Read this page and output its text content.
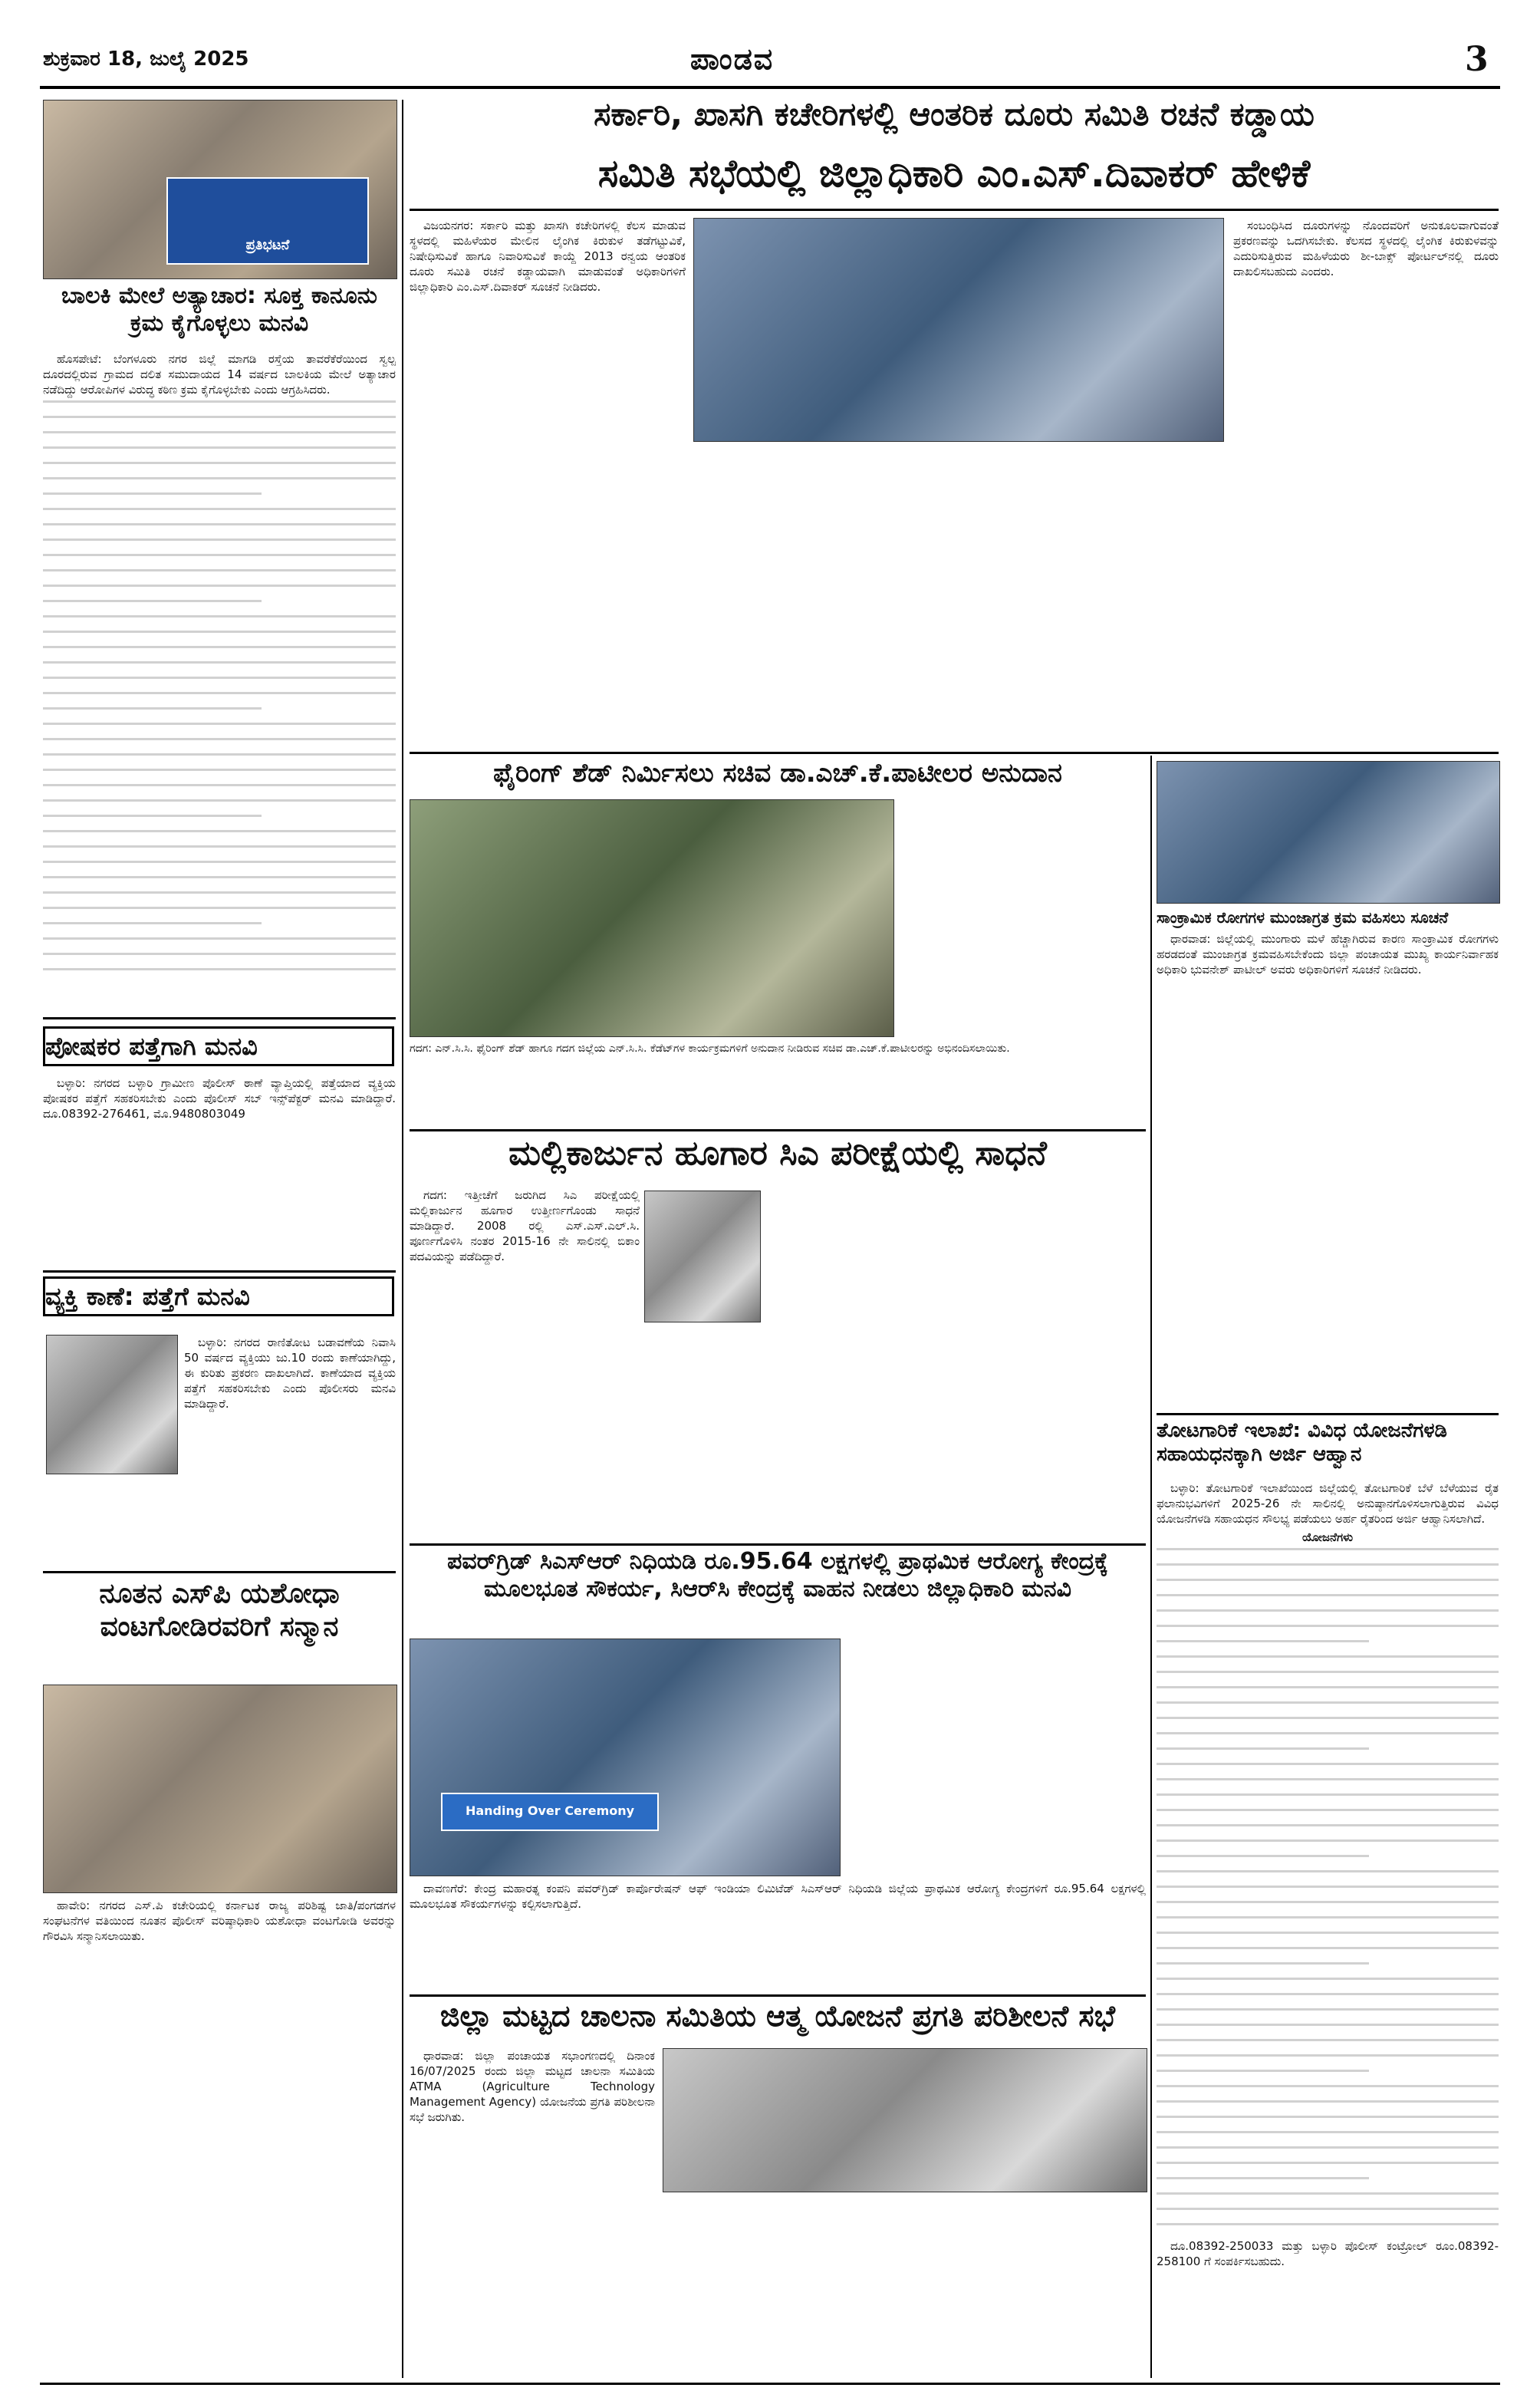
ಶುಕ್ರವಾರ 18, ಜುಲೈ 2025	ಪಾಂಡವ	3
ಪ್ರತಿಭಟನೆ
ಬಾಲಕಿ ಮೇಲೆ ಅತ್ಯಾಚಾರ: ಸೂಕ್ತ ಕಾನೂನು ಕ್ರಮ ಕೈಗೊಳ್ಳಲು ಮನವಿ

ಹೊಸಪೇಟೆ: ಬೆಂಗಳೂರು ನಗರ ಜಿಲ್ಲೆ ಮಾಗಡಿ ರಸ್ತೆಯ ತಾವರೆಕೆರೆಯಿಂದ ಸ್ವಲ್ಪ ದೂರದಲ್ಲಿರುವ ಗ್ರಾಮದ ದಲಿತ ಸಮುದಾಯದ 14 ವರ್ಷದ ಬಾಲಕಿಯ ಮೇಲೆ ಅತ್ಯಾಚಾರ ನಡೆದಿದ್ದು ಆರೋಪಿಗಳ ವಿರುದ್ಧ ಕಠಿಣ ಕ್ರಮ ಕೈಗೊಳ್ಳಬೇಕು ಎಂದು ಆಗ್ರಹಿಸಿದರು.

ಪೋಷಕರ ಪತ್ತೆಗಾಗಿ ಮನವಿ

ಬಳ್ಳಾರಿ: ನಗರದ ಬಳ್ಳಾರಿ ಗ್ರಾಮೀಣ ಪೊಲೀಸ್ ಠಾಣೆ ವ್ಯಾಪ್ತಿಯಲ್ಲಿ ಪತ್ತೆಯಾದ ವ್ಯಕ್ತಿಯ ಪೋಷಕರ ಪತ್ತೆಗೆ ಸಹಕರಿಸಬೇಕು ಎಂದು ಪೊಲೀಸ್ ಸಬ್ ಇನ್ಸ್‌ಪೆಕ್ಟರ್ ಮನವಿ ಮಾಡಿದ್ದಾರೆ. ದೂ.08392-276461, ಮೊ.9480803049

ವ್ಯಕ್ತಿ ಕಾಣೆ: ಪತ್ತೆಗೆ ಮನವಿ

ಬಳ್ಳಾರಿ: ನಗರದ ರಾಣಿತೋಟ ಬಡಾವಣೆಯ ನಿವಾಸಿ 50 ವರ್ಷದ ವ್ಯಕ್ತಿಯು ಜು.10 ರಂದು ಕಾಣೆಯಾಗಿದ್ದು, ಈ ಕುರಿತು ಪ್ರಕರಣ ದಾಖಲಾಗಿದೆ. ಕಾಣೆಯಾದ ವ್ಯಕ್ತಿಯ ಪತ್ತೆಗೆ ಸಹಕರಿಸಬೇಕು ಎಂದು ಪೊಲೀಸರು ಮನವಿ ಮಾಡಿದ್ದಾರೆ.

ನೂತನ ಎಸ್‌ಪಿ ಯಶೋಧಾ ವಂಟಗೋಡಿರವರಿಗೆ ಸನ್ಮಾನ

ಹಾವೇರಿ: ನಗರದ ಎಸ್.ಪಿ ಕಚೇರಿಯಲ್ಲಿ ಕರ್ನಾಟಕ ರಾಜ್ಯ ಪರಿಶಿಷ್ಟ ಜಾತಿ/ಪಂಗಡಗಳ ಸಂಘಟನೆಗಳ ವತಿಯಿಂದ ನೂತನ ಪೊಲೀಸ್ ವರಿಷ್ಠಾಧಿಕಾರಿ ಯಶೋಧಾ ವಂಟಗೋಡಿ ಅವರನ್ನು ಗೌರವಿಸಿ ಸನ್ಮಾನಿಸಲಾಯಿತು.

ಸರ್ಕಾರಿ, ಖಾಸಗಿ ಕಚೇರಿಗಳಲ್ಲಿ ಆಂತರಿಕ ದೂರು ಸಮಿತಿ ರಚನೆ ಕಡ್ಡಾಯ
ಸಮಿತಿ ಸಭೆಯಲ್ಲಿ ಜಿಲ್ಲಾಧಿಕಾರಿ ಎಂ.ಎಸ್.ದಿವಾಕರ್ ಹೇಳಿಕೆ

ವಿಜಯನಗರ: ಸರ್ಕಾರಿ ಮತ್ತು ಖಾಸಗಿ ಕಚೇರಿಗಳಲ್ಲಿ ಕೆಲಸ ಮಾಡುವ ಸ್ಥಳದಲ್ಲಿ ಮಹಿಳೆಯರ ಮೇಲಿನ ಲೈಂಗಿಕ ಕಿರುಕುಳ ತಡೆಗಟ್ಟುವಿಕೆ, ನಿಷೇಧಿಸುವಿಕೆ ಹಾಗೂ ನಿವಾರಿಸುವಿಕೆ ಕಾಯ್ದೆ 2013 ರನ್ವಯ ಆಂತರಿಕ ದೂರು ಸಮಿತಿ ರಚನೆ ಕಡ್ಡಾಯವಾಗಿ ಮಾಡುವಂತೆ ಅಧಿಕಾರಿಗಳಿಗೆ ಜಿಲ್ಲಾಧಿಕಾರಿ ಎಂ.ಎಸ್.ದಿವಾಕರ್ ಸೂಚನೆ ನೀಡಿದರು.

ಸಂಬಂಧಿಸಿದ ದೂರುಗಳನ್ನು ನೊಂದವರಿಗೆ ಅನುಕೂಲವಾಗುವಂತೆ ಪ್ರಕರಣವನ್ನು ಒದಗಿಸಬೇಕು. ಕೆಲಸದ ಸ್ಥಳದಲ್ಲಿ ಲೈಂಗಿಕ ಕಿರುಕುಳವನ್ನು ಎದುರಿಸುತ್ತಿರುವ ಮಹಿಳೆಯರು ಶೀ-ಬಾಕ್ಸ್ ಪೋರ್ಟಲ್‌ನಲ್ಲಿ ದೂರು ದಾಖಲಿಸಬಹುದು ಎಂದರು.

ಫೈರಿಂಗ್ ಶೆಡ್ ನಿರ್ಮಿಸಲು ಸಚಿವ ಡಾ.ಎಚ್.ಕೆ.ಪಾಟೀಲರ ಅನುದಾನ
ಗದಗ: ಎನ್.ಸಿ.ಸಿ. ಫೈರಿಂಗ್ ಶೆಡ್ ಹಾಗೂ ಗದಗ ಜಿಲ್ಲೆಯ ಎನ್.ಸಿ.ಸಿ. ಕೆಡೆಟ್‌ಗಳ ಕಾರ್ಯಕ್ರಮಗಳಿಗೆ ಅನುದಾನ ನೀಡಿರುವ ಸಚಿವ ಡಾ.ಎಚ್.ಕೆ.ಪಾಟೀಲರನ್ನು ಅಭಿನಂದಿಸಲಾಯಿತು.
ಮಲ್ಲಿಕಾರ್ಜುನ ಹೂಗಾರ ಸಿಎ ಪರೀಕ್ಷೆಯಲ್ಲಿ ಸಾಧನೆ

ಗದಗ: ಇತ್ತೀಚೆಗೆ ಜರುಗಿದ ಸಿಎ ಪರೀಕ್ಷೆಯಲ್ಲಿ ಮಲ್ಲಿಕಾರ್ಜುನ ಹೂಗಾರ ಉತ್ತೀರ್ಣಗೊಂಡು ಸಾಧನೆ ಮಾಡಿದ್ದಾರೆ. 2008 ರಲ್ಲಿ ಎಸ್.ಎಸ್.ಎಲ್.ಸಿ. ಪೂರ್ಣಗೊಳಿಸಿ ನಂತರ 2015-16 ನೇ ಸಾಲಿನಲ್ಲಿ ಬಿಕಾಂ ಪದವಿಯನ್ನು ಪಡೆದಿದ್ದಾರೆ.

ಪವರ್‌ಗ್ರಿಡ್ ಸಿಎಸ್‌ಆರ್ ನಿಧಿಯಡಿ ರೂ.95.64 ಲಕ್ಷಗಳಲ್ಲಿ ಪ್ರಾಥಮಿಕ ಆರೋಗ್ಯ ಕೇಂದ್ರಕ್ಕೆ ಮೂಲಭೂತ ಸೌಕರ್ಯ, ಸಿಆರ್‌ಸಿ ಕೇಂದ್ರಕ್ಕೆ ವಾಹನ ನೀಡಲು ಜಿಲ್ಲಾಧಿಕಾರಿ ಮನವಿ
Handing Over Ceremony

ದಾವಣಗೆರೆ: ಕೇಂದ್ರ ಮಹಾರತ್ನ ಕಂಪನಿ ಪವರ್‌ಗ್ರಿಡ್ ಕಾರ್ಪೊರೇಷನ್ ಆಫ್ ಇಂಡಿಯಾ ಲಿಮಿಟೆಡ್ ಸಿಎಸ್‌ಆರ್ ನಿಧಿಯಡಿ ಜಿಲ್ಲೆಯ ಪ್ರಾಥಮಿಕ ಆರೋಗ್ಯ ಕೇಂದ್ರಗಳಿಗೆ ರೂ.95.64 ಲಕ್ಷಗಳಲ್ಲಿ ಮೂಲಭೂತ ಸೌಕರ್ಯಗಳನ್ನು ಕಲ್ಪಿಸಲಾಗುತ್ತಿದೆ.

ಜಿಲ್ಲಾ ಮಟ್ಟದ ಚಾಲನಾ ಸಮಿತಿಯ ಆತ್ಮ ಯೋಜನೆ ಪ್ರಗತಿ ಪರಿಶೀಲನೆ ಸಭೆ

ಧಾರವಾಡ: ಜಿಲ್ಲಾ ಪಂಚಾಯತ ಸಭಾಂಗಣದಲ್ಲಿ ದಿನಾಂಕ 16/07/2025 ರಂದು ಜಿಲ್ಲಾ ಮಟ್ಟದ ಚಾಲನಾ ಸಮಿತಿಯ ATMA (Agriculture Technology Management Agency) ಯೋಜನೆಯ ಪ್ರಗತಿ ಪರಿಶೀಲನಾ ಸಭೆ ಜರುಗಿತು.

ಸಾಂಕ್ರಾಮಿಕ ರೋಗಗಳ ಮುಂಜಾಗ್ರತ ಕ್ರಮ ವಹಿಸಲು ಸೂಚನೆ

ಧಾರವಾಡ: ಜಿಲ್ಲೆಯಲ್ಲಿ ಮುಂಗಾರು ಮಳೆ ಹೆಚ್ಚಾಗಿರುವ ಕಾರಣ ಸಾಂಕ್ರಾಮಿಕ ರೋಗಗಳು ಹರಡದಂತೆ ಮುಂಜಾಗ್ರತ ಕ್ರಮವಹಿಸಬೇಕೆಂದು ಜಿಲ್ಲಾ ಪಂಚಾಯತ ಮುಖ್ಯ ಕಾರ್ಯನಿರ್ವಾಹಕ ಅಧಿಕಾರಿ ಭುವನೇಶ್ ಪಾಟೀಲ್ ಅವರು ಅಧಿಕಾರಿಗಳಿಗೆ ಸೂಚನೆ ನೀಡಿದರು.

ತೋಟಗಾರಿಕೆ ಇಲಾಖೆ: ವಿವಿಧ ಯೋಜನೆಗಳಡಿ ಸಹಾಯಧನಕ್ಕಾಗಿ ಅರ್ಜಿ ಆಹ್ವಾನ

ಬಳ್ಳಾರಿ: ತೋಟಗಾರಿಕೆ ಇಲಾಖೆಯಿಂದ ಜಿಲ್ಲೆಯಲ್ಲಿ ತೋಟಗಾರಿಕೆ ಬೆಳೆ ಬೆಳೆಯುವ ರೈತ ಫಲಾನುಭವಿಗಳಿಗೆ 2025-26 ನೇ ಸಾಲಿನಲ್ಲಿ ಅನುಷ್ಠಾನಗೊಳಿಸಲಾಗುತ್ತಿರುವ ವಿವಿಧ ಯೋಜನೆಗಳಡಿ ಸಹಾಯಧನ ಸೌಲಭ್ಯ ಪಡೆಯಲು ಅರ್ಹ ರೈತರಿಂದ ಅರ್ಜಿ ಆಹ್ವಾನಿಸಲಾಗಿದೆ.

ಯೋಜನೆಗಳು

ದೂ.08392-250033 ಮತ್ತು ಬಳ್ಳಾರಿ ಪೊಲೀಸ್ ಕಂಟ್ರೋಲ್ ರೂಂ.08392-258100 ಗೆ ಸಂಪರ್ಕಿಸಬಹುದು.
